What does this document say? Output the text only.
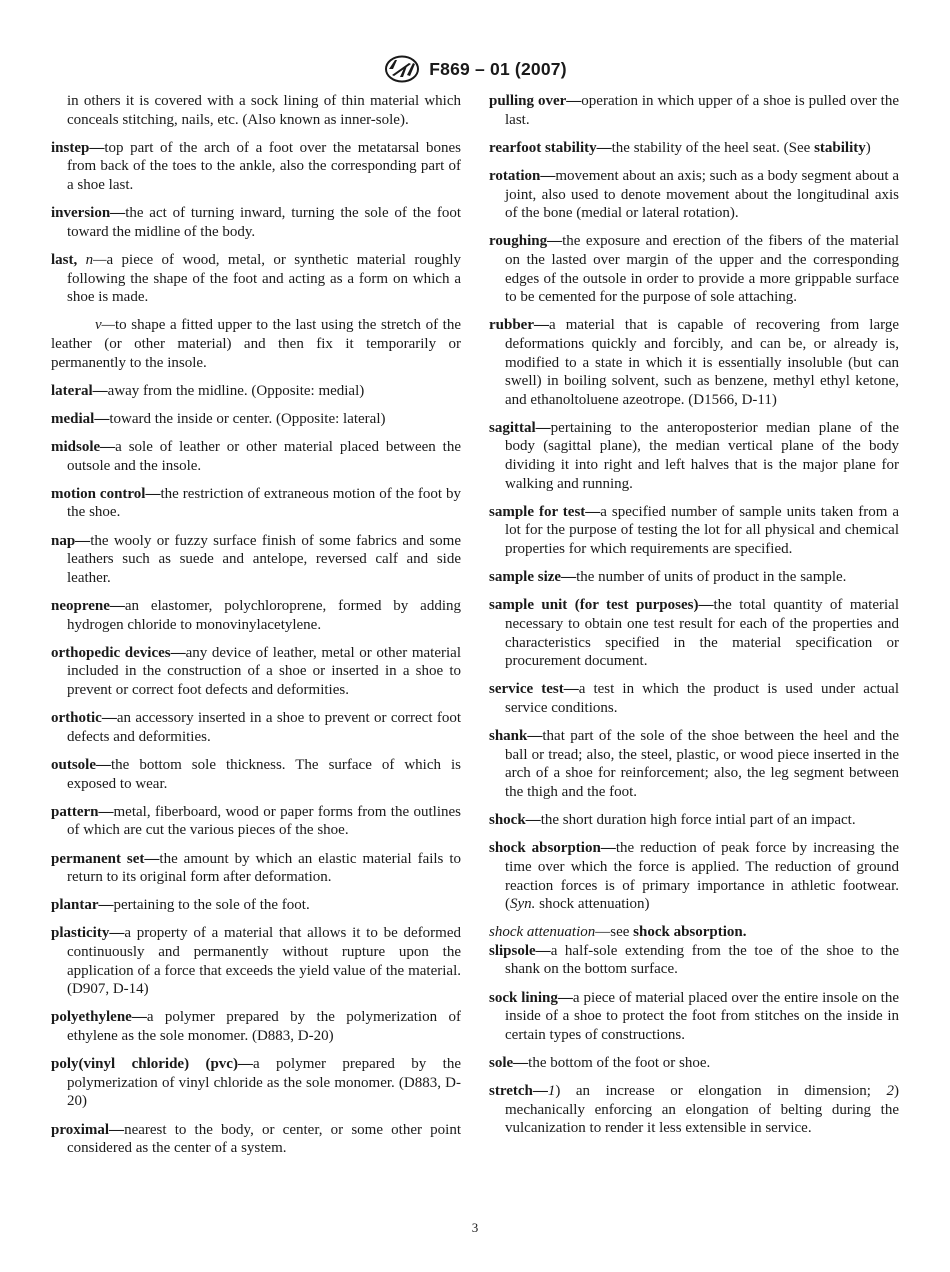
F869 – 01 (2007)

in others it is covered with a sock lining of thin material which conceals stitching, nails, etc. (Also known as inner-sole).

instep—top part of the arch of a foot over the metatarsal bones from back of the toes to the ankle, also the corresponding part of a shoe last.

inversion—the act of turning inward, turning the sole of the foot toward the midline of the body.

last, n—a piece of wood, metal, or synthetic material roughly following the shape of the foot and acting as a form on which a shoe is made.

v—to shape a fitted upper to the last using the stretch of the leather (or other material) and then fix it temporarily or permanently to the insole.

lateral—away from the midline. (Opposite: medial)

medial—toward the inside or center. (Opposite: lateral)

midsole—a sole of leather or other material placed between the outsole and the insole.

motion control—the restriction of extraneous motion of the foot by the shoe.

nap—the wooly or fuzzy surface finish of some fabrics and some leathers such as suede and antelope, reversed calf and side leather.

neoprene—an elastomer, polychloroprene, formed by adding hydrogen chloride to monovinylacetylene.

orthopedic devices—any device of leather, metal or other material included in the construction of a shoe or inserted in a shoe to prevent or correct foot defects and deformities.

orthotic—an accessory inserted in a shoe to prevent or correct foot defects and deformities.

outsole—the bottom sole thickness. The surface of which is exposed to wear.

pattern—metal, fiberboard, wood or paper forms from the outlines of which are cut the various pieces of the shoe.

permanent set—the amount by which an elastic material fails to return to its original form after deformation.

plantar—pertaining to the sole of the foot.

plasticity—a property of a material that allows it to be deformed continuously and permanently without rupture upon the application of a force that exceeds the yield value of the material. (D907, D-14)

polyethylene—a polymer prepared by the polymerization of ethylene as the sole monomer. (D883, D-20)

poly(vinyl chloride) (pvc)—a polymer prepared by the polymerization of vinyl chloride as the sole monomer. (D883, D-20)

proximal—nearest to the body, or center, or some other point considered as the center of a system.

pulling over—operation in which upper of a shoe is pulled over the last.

rearfoot stability—the stability of the heel seat. (See stability)

rotation—movement about an axis; such as a body segment about a joint, also used to denote movement about the longitudinal axis of the bone (medial or lateral rotation).

roughing—the exposure and erection of the fibers of the material on the lasted over margin of the upper and the corresponding edges of the outsole in order to provide a more grippable surface to be cemented for the purpose of sole attaching.

rubber—a material that is capable of recovering from large deformations quickly and forcibly, and can be, or already is, modified to a state in which it is essentially insoluble (but can swell) in boiling solvent, such as benzene, methyl ethyl ketone, and ethanoltoluene azeotrope. (D1566, D-11)

sagittal—pertaining to the anteroposterior median plane of the body (sagittal plane), the median vertical plane of the body dividing it into right and left halves that is the major plane for walking and running.

sample for test—a specified number of sample units taken from a lot for the purpose of testing the lot for all physical and chemical properties for which requirements are specified.

sample size—the number of units of product in the sample.

sample unit (for test purposes)—the total quantity of material necessary to obtain one test result for each of the properties and characteristics specified in the material specification or procurement document.

service test—a test in which the product is used under actual service conditions.

shank—that part of the sole of the shoe between the heel and the ball or tread; also, the steel, plastic, or wood piece inserted in the arch of a shoe for reinforcement; also, the leg segment between the thigh and the foot.

shock—the short duration high force intial part of an impact.

shock absorption—the reduction of peak force by increasing the time over which the force is applied. The reduction of ground reaction forces is of primary importance in athletic footwear. (Syn. shock attenuation)

shock attenuation—see shock absorption.

slipsole—a half-sole extending from the toe of the shoe to the shank on the bottom surface.

sock lining—a piece of material placed over the entire insole on the inside of a shoe to protect the foot from stitches on the inside in certain types of constructions.

sole—the bottom of the foot or shoe.

stretch—1) an increase or elongation in dimension; 2) mechanically enforcing an elongation of belting during the vulcanization to render it less extensible in service.

3
